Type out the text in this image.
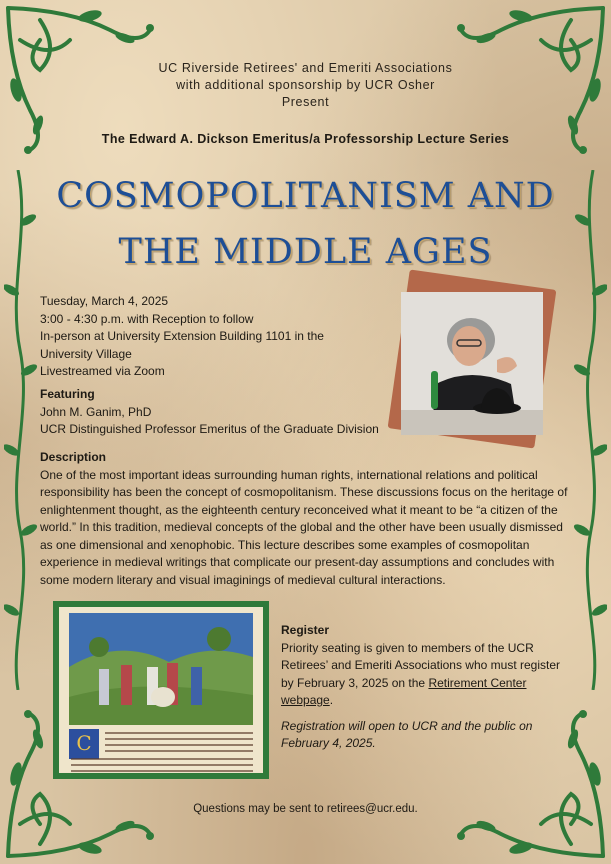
UC Riverside Retirees' and Emeriti Associations
with additional sponsorship by UCR Osher
Present
The Edward A. Dickson Emeritus/a Professorship Lecture Series
COSMOPOLITANISM AND
THE MIDDLE AGES
Tuesday, March 4, 2025
3:00 - 4:30 p.m. with Reception to follow
In-person at University Extension Building 1101 in the
University Village
Livestreamed via Zoom
Featuring
John M. Ganim, PhD
UCR Distinguished Professor Emeritus of the Graduate Division
Description
One of the most important ideas surrounding human rights, international relations and political responsibility has been the concept of cosmopolitanism. These discussions focus on the heritage of enlightenment thought, as the eighteenth century reconceived what it meant to be “a citizen of the world.” In this tradition, medieval concepts of the global and the other have been usually dismissed as one dimensional and xenophobic. This lecture describes some examples of cosmopolitan experience in medieval writings that complicate our present-day assumptions and concludes with some modern literary and visual imaginings of medieval cultural interactions.
C
Register
Priority seating is given to members of the UCR Retirees’ and Emeriti Associations who must register by February 3, 2025 on the Retirement Center webpage.
Registration will open to UCR and the public on February 4, 2025.
Questions may be sent to retirees@ucr.edu.
